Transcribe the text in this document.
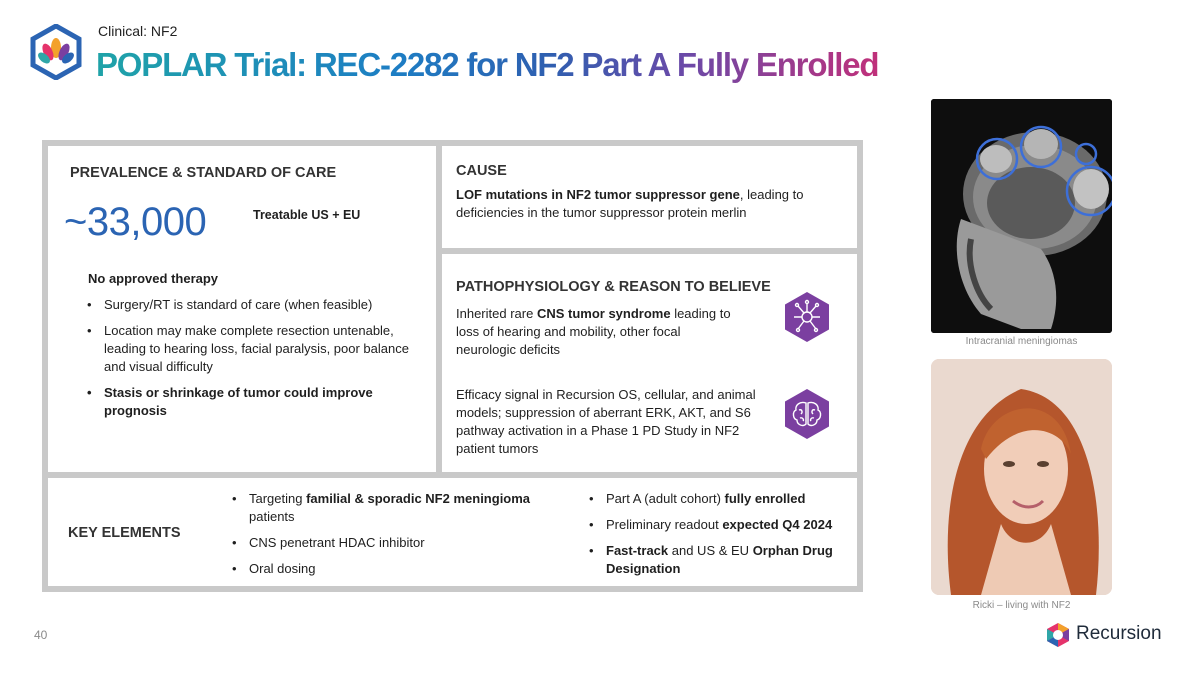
Clinical: NF2
POPLAR Trial: REC-2282 for NF2 Part A Fully Enrolled
PREVALENCE & STANDARD OF CARE
~33,000	Treatable US + EU
No approved therapy
• Surgery/RT is standard of care (when feasible)
• Location may make complete resection untenable, leading to hearing loss, facial paralysis, poor balance and visual difficulty
• Stasis or shrinkage of tumor could improve prognosis
CAUSE
LOF mutations in NF2 tumor suppressor gene, leading to deficiencies in the tumor suppressor protein merlin
PATHOPHYSIOLOGY & REASON TO BELIEVE
Inherited rare CNS tumor syndrome leading to loss of hearing and mobility, other focal neurologic deficits
Efficacy signal in Recursion OS, cellular, and animal models; suppression of aberrant ERK, AKT, and S6 pathway activation in a Phase 1 PD Study in NF2 patient tumors
KEY ELEMENTS
• Targeting familial & sporadic NF2 meningioma patients
• CNS penetrant HDAC inhibitor
• Oral dosing
• Part A (adult cohort) fully enrolled
• Preliminary readout expected Q4 2024
• Fast-track and US & EU Orphan Drug Designation
Intracranial meningiomas
Ricki – living with NF2
40	Recursion
